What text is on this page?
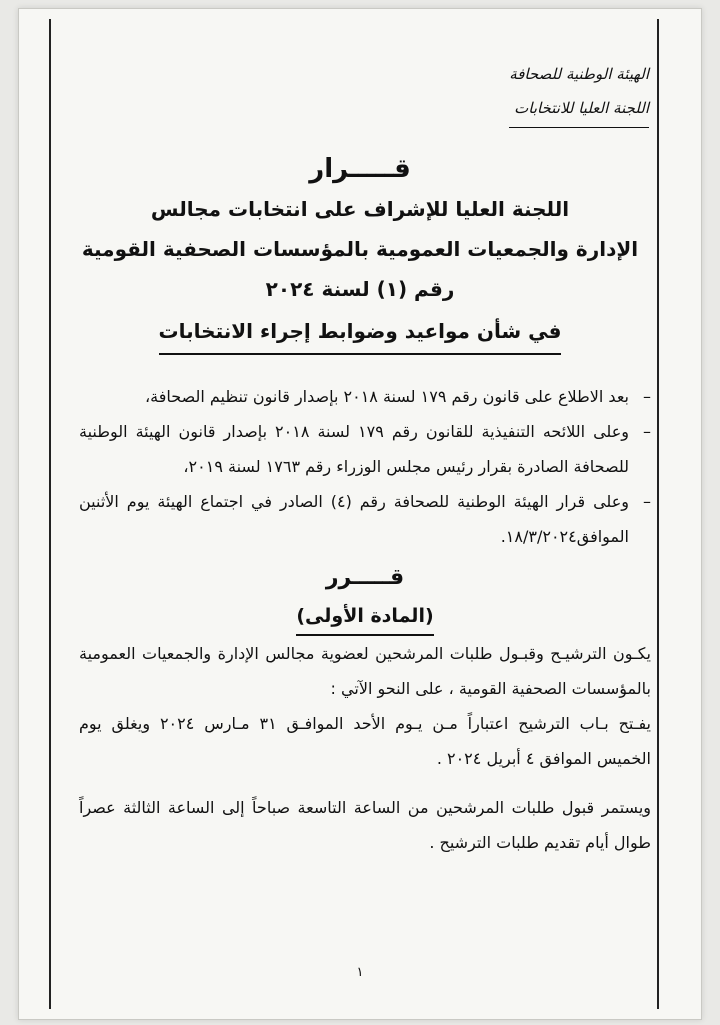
الهيئة الوطنية للصحافة
اللجنة العليا للانتخابات
قـــــرار
اللجنة العليا للإشراف على انتخابات مجالس
الإدارة والجمعيات العمومية بالمؤسسات الصحفية القومية
رقم (١) لسنة ٢٠٢٤
في شأن مواعيد وضوابط إجراء الانتخابات

–
بعد الاطلاع على قانون رقم ١٧٩ لسنة ٢٠١٨ بإصدار قانون تنظيم الصحافة،

–
وعلى اللائحه التنفيذية للقانون رقم ١٧٩ لسنة ٢٠١٨ بإصدار قانون الهيئة الوطنية للصحافة الصادرة بقرار رئيس مجلس الوزراء رقم ١٧٦٣ لسنة ٢٠١٩،

–
وعلى قرار الهيئة الوطنية للصحافة رقم (٤) الصادر في اجتماع الهيئة يوم الأثنين الموافق١٨/٣/٢٠٢٤.

قـــــرر
(المادة الأولى)

يكـون الترشيـح وقبـول طلبات المرشحين لعضوية مجالس الإدارة والجمعيات العمومية بالمؤسسات الصحفية القومية ، على النحو الآتي :

يفـتح بـاب الترشيح اعتباراً مـن يـوم الأحد الموافـق ٣١ مـارس ٢٠٢٤ ويغلق يوم الخميس الموافق ٤ أبريل ٢٠٢٤ .

ويستمر قبول طلبات المرشحين من الساعة التاسعة صباحاً إلى الساعة الثالثة عصراً طوال أيام تقديم طلبات الترشيح .

١
